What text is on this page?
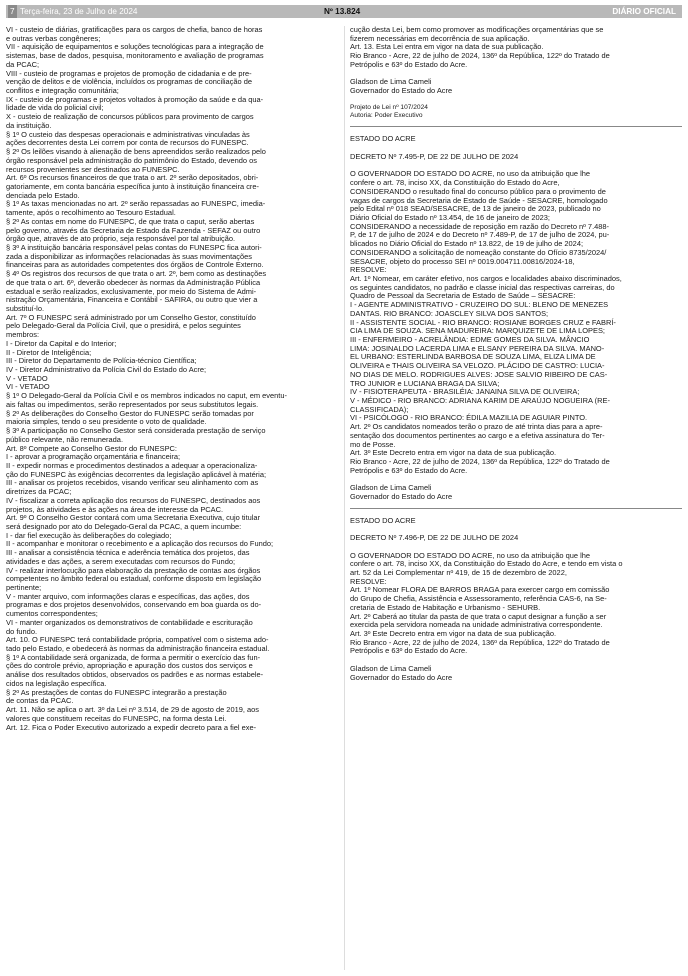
7 Terça-feira, 23 de Julho de 2024	Nº 13.824	DIÁRIO OFICIAL

VI - custeio de diárias, gratificações para os cargos de chefia, banco de horas
e outras verbas congêneres;

VII - aquisição de equipamentos e soluções tecnológicas para a integração de
sistemas, base de dados, pesquisa, monitoramento e avaliação de programas
da PCAC;

VIII - custeio de programas e projetos de promoção de cidadania e de pre-
venção de delitos e de violência, incluídos os programas de conciliação de
conflitos e integração comunitária;

IX - custeio de programas e projetos voltados à promoção da saúde e da qua-
lidade de vida do policial civil;

X - custeio de realização de concursos públicos para provimento de cargos
da instituição.

§ 1º O custeio das despesas operacionais e administrativas vinculadas às
ações decorrentes desta Lei correm por conta de recursos do FUNESPC.

§ 2º Os leilões visando à alienação de bens apreendidos serão realizados pelo
órgão responsável pela administração do patrimônio do Estado, devendo os
recursos provenientes ser destinados ao FUNESPC.

Art. 6º Os recursos financeiros de que trata o art. 2º serão depositados, obri-
gatoriamente, em conta bancária específica junto à instituição financeira cre-
denciada pelo Estado.

§ 1º As taxas mencionadas no art. 2º serão repassadas ao FUNESPC, imedia-
tamente, após o recolhimento ao Tesouro Estadual.

§ 2º As contas em nome do FUNESPC, de que trata o caput, serão abertas
pelo governo, através da Secretaria de Estado da Fazenda - SEFAZ ou outro
órgão que, através de ato próprio, seja responsável por tal atribuição.

§ 3º A instituição bancária responsável pelas contas do FUNESPC fica autori-
zada a disponibilizar as informações relacionadas às suas movimentações
financeiras para as autoridades competentes dos órgãos de Controle Externo.

§ 4º Os registros dos recursos de que trata o art. 2º, bem como as destinações
de que trata o art. 6º, deverão obedecer às normas da Administração Pública
estadual e serão realizados, exclusivamente, por meio do Sistema de Admi-
nistração Orçamentária, Financeira e Contábil - SAFIRA, ou outro que vier a
substituí-lo.

Art. 7º O FUNESPC será administrado por um Conselho Gestor, constituído
pelo Delegado-Geral da Polícia Civil, que o presidirá, e pelos seguintes
membros:

I - Diretor da Capital e do Interior;

II - Diretor de Inteligência;

III - Diretor do Departamento de Polícia-técnico Científica;

IV - Diretor Administrativo da Polícia Civil do Estado do Acre;

V - VETADO

VI - VETADO

§ 1º O Delegado-Geral da Polícia Civil e os membros indicados no caput, em eventu-
ais faltas ou impedimentos, serão representados por seus substitutos legais.

§ 2º As deliberações do Conselho Gestor do FUNESPC serão tomadas por
maioria simples, tendo o seu presidente o voto de qualidade.

§ 3º A participação no Conselho Gestor será considerada prestação de serviço
público relevante, não remunerada.

Art. 8º Compete ao Conselho Gestor do FUNESPC:

I - aprovar a programação orçamentária e financeira;

II - expedir normas e procedimentos destinados a adequar a operacionaliza-
ção do FUNESPC às exigências decorrentes da legislação aplicável à matéria;

III - analisar os projetos recebidos, visando verificar seu alinhamento com as
diretrizes da PCAC;

IV - fiscalizar a correta aplicação dos recursos do FUNESPC, destinados aos
projetos, às atividades e às ações na área de interesse da PCAC.

Art. 9º O Conselho Gestor contará com uma Secretaria Executiva, cujo titular
será designado por ato do Delegado-Geral da PCAC, a quem incumbe:

I - dar fiel execução às deliberações do colegiado;

II - acompanhar e monitorar o recebimento e a aplicação dos recursos do Fundo;

III - analisar a consistência técnica e aderência temática dos projetos, das
atividades e das ações, a serem executadas com recursos do Fundo;

IV - realizar interlocução para elaboração da prestação de contas aos órgãos
competentes no âmbito federal ou estadual, conforme disposto em legislação
pertinente;

V - manter arquivo, com informações claras e específicas, das ações, dos
programas e dos projetos desenvolvidos, conservando em boa guarda os do-
cumentos correspondentes;

VI - manter organizados os demonstrativos de contabilidade e escrituração
do fundo.

Art. 10. O FUNESPC terá contabilidade própria, compatível com o sistema ado-
tado pelo Estado, e obedecerá às normas da administração financeira estadual.

§ 1º A contabilidade será organizada, de forma a permitir o exercício das fun-
ções do controle prévio, apropriação e apuração dos custos dos serviços e
análise dos resultados obtidos, observados os padrões e as normas estabele-
cidos na legislação específica.

§ 2º As prestações de contas do FUNESPC integrarão a prestação
de contas da PCAC.

Art. 11. Não se aplica o art. 3º da Lei nº 3.514, de 29 de agosto de 2019, aos
valores que constituem receitas do FUNESPC, na forma desta Lei.

Art. 12. Fica o Poder Executivo autorizado a expedir decreto para a fiel exe-

cução desta Lei, bem como promover as modificações orçamentárias que se
fizerem necessárias em decorrência de sua aplicação.

Art. 13. Esta Lei entra em vigor na data de sua publicação.

Rio Branco - Acre, 22 de julho de 2024, 136º da República, 122º do Tratado de
Petrópolis e 63º do Estado do Acre.

Gladson de Lima Cameli

Governador do Estado do Acre

Projeto de Lei nº 107/2024

Autoria: Poder Executivo

ESTADO DO ACRE

DECRETO Nº 7.495-P, DE 22 DE JULHO DE 2024

O GOVERNADOR DO ESTADO DO ACRE, no uso da atribuição que lhe
confere o art. 78, inciso XX, da Constituição do Estado do Acre,

CONSIDERANDO o resultado final do concurso público para o provimento de
vagas de cargos da Secretaria de Estado de Saúde - SESACRE, homologado
pelo Edital nº 018 SEAD/SESACRE, de 13 de janeiro de 2023, publicado no
Diário Oficial do Estado nº 13.454, de 16 de janeiro de 2023;

CONSIDERANDO a necessidade de reposição em razão do Decreto nº 7.488-
P, de 17 de julho de 2024 e do Decreto nº 7.489-P, de 17 de julho de 2024, pu-
blicados no Diário Oficial do Estado nº 13.822, de 19 de julho de 2024;

CONSIDERANDO a solicitação de nomeação constante do Ofício 8735/2024/
SESACRE, objeto do processo SEI nº 0019.004711.00816/2024-18,

RESOLVE:

Art. 1º Nomear, em caráter efetivo, nos cargos e localidades abaixo discriminados,
os seguintes candidatos, no padrão e classe inicial das respectivas carreiras, do
Quadro de Pessoal da Secretaria de Estado de Saúde – SESACRE:

I - AGENTE ADMINISTRATIVO - CRUZEIRO DO SUL: BLENO DE MENEZES
DANTAS. RIO BRANCO: JOASCLEY SILVA DOS SANTOS;

II - ASSISTENTE SOCIAL - RIO BRANCO: ROSIANE BORGES CRUZ e FABRÍ-
CIA LIMA DE SOUZA. SENA MADUREIRA: MARQUIZETE DE LIMA LOPES;

III - ENFERMEIRO - ACRELÂNDIA: EDME GOMES DA SILVA. MÂNCIO
LIMA: JOSINALDO LACERDA LIMA e ELSANY PEREIRA DA SILVA. MANO-
EL URBANO: ESTERLINDA BARBOSA DE SOUZA LIMA, ELIZA LIMA DE
OLIVEIRA e THAIS OLIVEIRA SA VELOZO. PLÁCIDO DE CASTRO: LUCIA-
NO DIAS DE MELO. RODRIGUES ALVES: JOSE SALVIO RIBEIRO DE CAS-
TRO JUNIOR e LUCIANA BRAGA DA SILVA;

IV - FISIOTERAPEUTA - BRASILÉIA: JANAINA SILVA DE OLIVEIRA;

V - MÉDICO - RIO BRANCO: ADRIANA KARIM DE ARAÚJO NOGUEIRA (RE-
CLASSIFICADA);

VI - PSICÓLOGO - RIO BRANCO: ÉDILA MAZILIA DE AGUIAR PINTO.

Art. 2º Os candidatos nomeados terão o prazo de até trinta dias para a apre-
sentação dos documentos pertinentes ao cargo e a efetiva assinatura do Ter-
mo de Posse.

Art. 3º Este Decreto entra em vigor na data de sua publicação.

Rio Branco - Acre, 22 de julho de 2024, 136º da República, 122º do Tratado de
Petrópolis e 63º do Estado do Acre.

Gladson de Lima Cameli

Governador do Estado do Acre

ESTADO DO ACRE

DECRETO Nº 7.496-P, DE 22 DE JULHO DE 2024

O GOVERNADOR DO ESTADO DO ACRE, no uso da atribuição que lhe
confere o art. 78, inciso XX, da Constituição do Estado do Acre, e tendo em vista o
art. 52 da Lei Complementar nº 419, de 15 de dezembro de 2022,

RESOLVE:

Art. 1º Nomear FLORA DE BARROS BRAGA para exercer cargo em comissão
do Grupo de Chefia, Assistência e Assessoramento, referência CAS-6, na Se-
cretaria de Estado de Habitação e Urbanismo - SEHURB.

Art. 2º Caberá ao titular da pasta de que trata o caput designar a função a ser
exercida pela servidora nomeada na unidade administrativa correspondente.

Art. 3º Este Decreto entra em vigor na data de sua publicação.

Rio Branco - Acre, 22 de julho de 2024, 136º da República, 122º do Tratado de
Petrópolis e 63º do Estado do Acre.

Gladson de Lima Cameli

Governador do Estado do Acre
